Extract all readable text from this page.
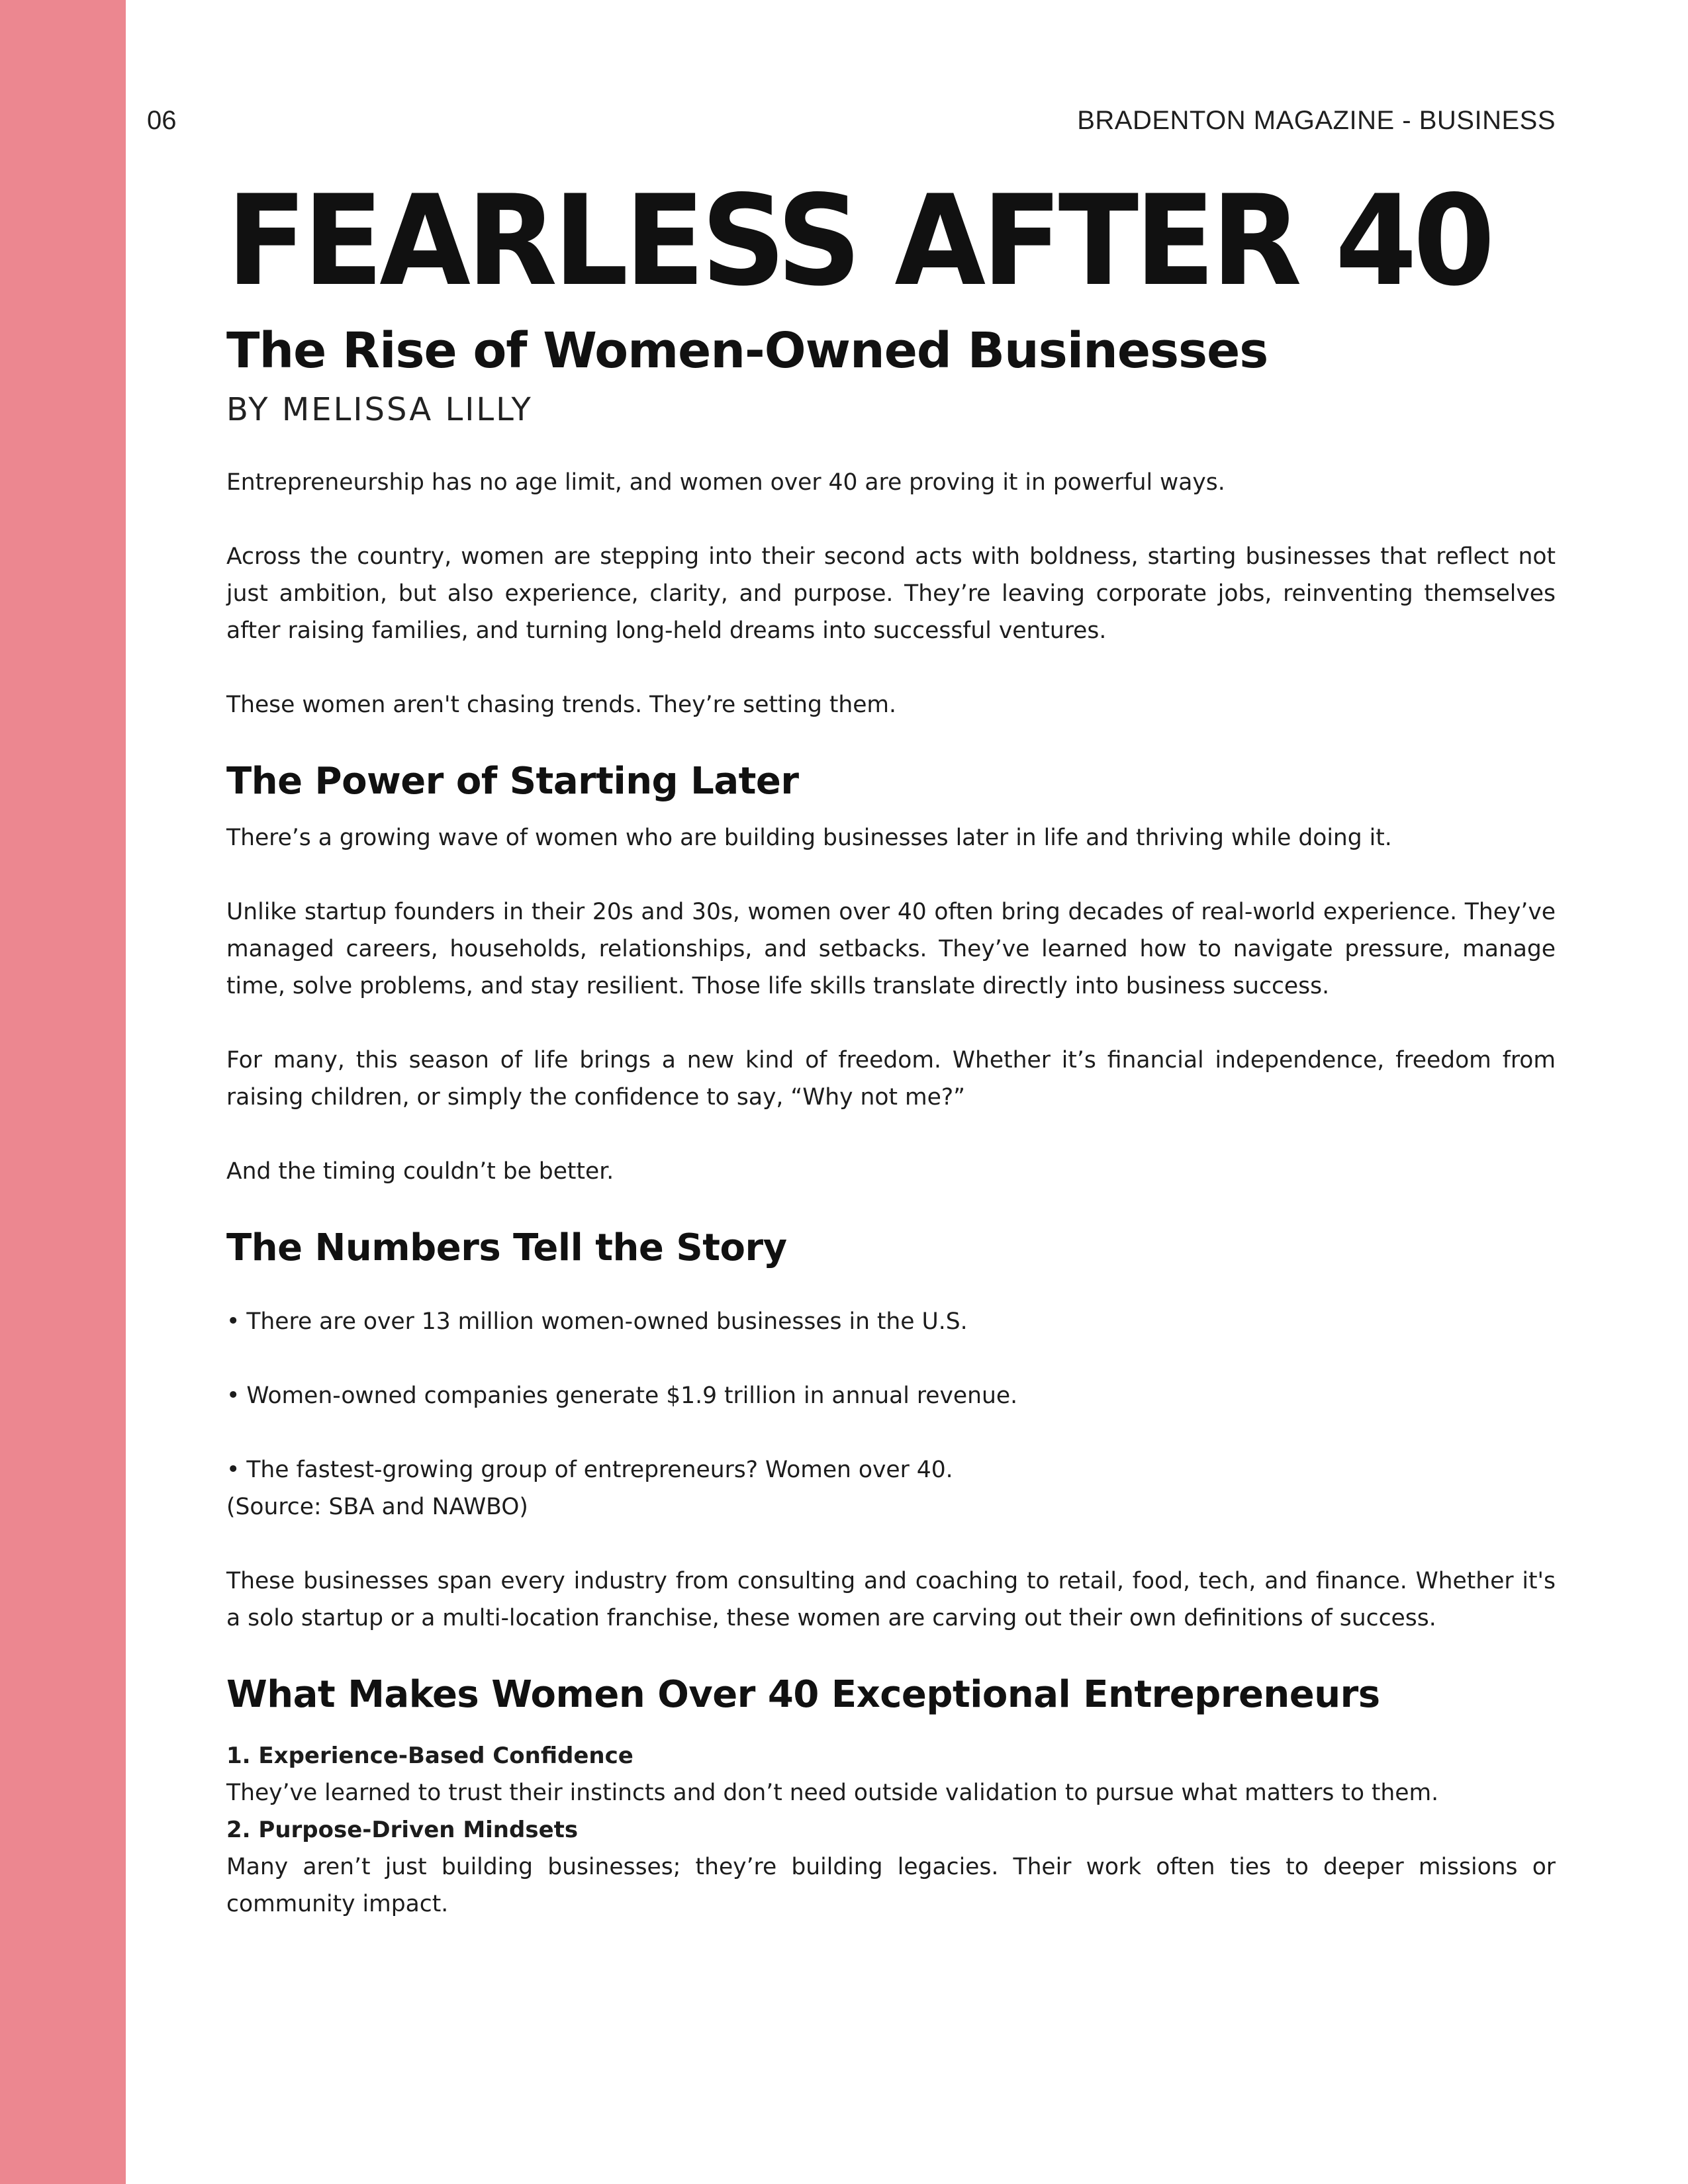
06	BRADENTON MAGAZINE - BUSINESS
FEARLESS AFTER 40
The Rise of Women-Owned Businesses
BY MELISSA LILLY

Entrepreneurship has no age limit, and women over 40 are proving it in powerful ways.

Across the country, women are stepping into their second acts with boldness, starting businesses that reflect not just ambition, but also experience, clarity, and purpose. They’re leaving corporate jobs, reinventing themselves after raising families, and turning long-held dreams into successful ventures.

These women aren't chasing trends. They’re setting them.

The Power of Starting Later

There’s a growing wave of women who are building businesses later in life and thriving while doing it.

Unlike startup founders in their 20s and 30s, women over 40 often bring decades of real-world experience. They’ve managed careers, households, relationships, and setbacks. They’ve learned how to navigate pressure, manage time, solve problems, and stay resilient. Those life skills translate directly into business success.

For many, this season of life brings a new kind of freedom. Whether it’s financial independence, freedom from raising children, or simply the confidence to say, “Why not me?”

And the timing couldn’t be better.

The Numbers Tell the Story

• There are over 13 million women-owned businesses in the U.S.

• Women-owned companies generate $1.9 trillion in annual revenue.

• The fastest-growing group of entrepreneurs? Women over 40.

(Source: SBA and NAWBO)

These businesses span every industry from consulting and coaching to retail, food, tech, and finance. Whether it's a solo startup or a multi-location franchise, these women are carving out their own definitions of success.

What Makes Women Over 40 Exceptional Entrepreneurs

1. Experience-Based Confidence

They’ve learned to trust their instincts and don’t need outside validation to pursue what matters to them.

2. Purpose-Driven Mindsets

Many aren’t just building businesses; they’re building legacies. Their work often ties to deeper missions or community impact.
